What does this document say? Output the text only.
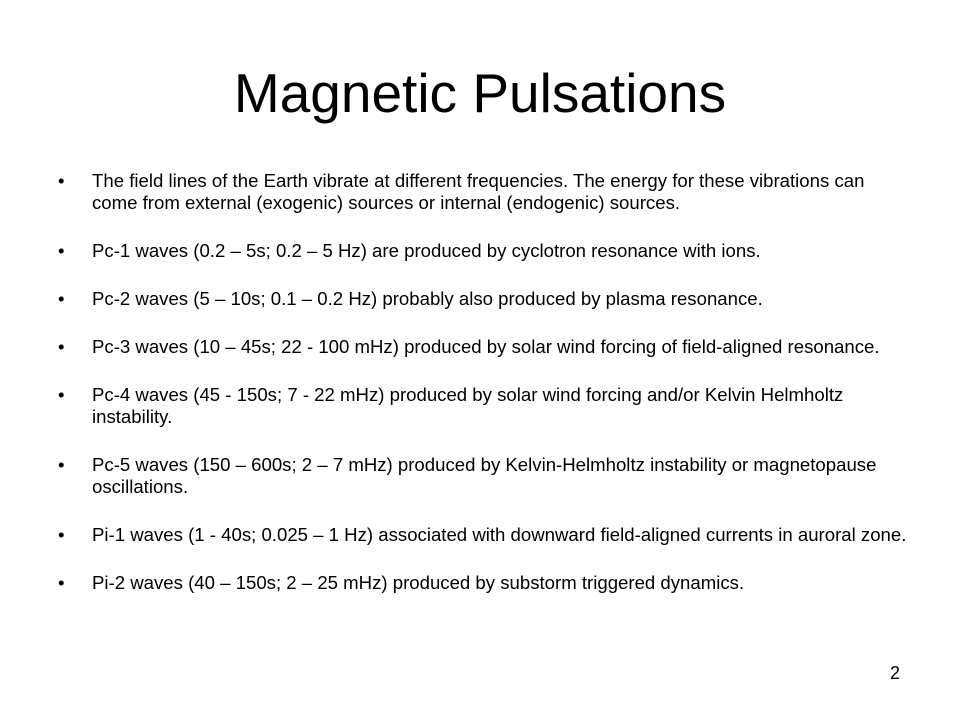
Magnetic Pulsations
•	The field lines of the Earth vibrate at different frequencies. The energy for these vibrations can come from external (exogenic) sources or internal (endogenic) sources.
•	Pc-1 waves (0.2 – 5s; 0.2 – 5 Hz) are produced by cyclotron resonance with ions.
•	Pc-2 waves (5 – 10s; 0.1 – 0.2 Hz) probably also produced by plasma resonance.
•	Pc-3 waves (10 – 45s; 22 - 100 mHz) produced by solar wind forcing of field-aligned resonance.
•	Pc-4 waves (45 - 150s; 7 - 22 mHz) produced by solar wind forcing and/or Kelvin Helmholtz instability.
•	Pc-5 waves (150 – 600s; 2 – 7 mHz) produced by Kelvin-Helmholtz instability or magnetopause oscillations.
•	Pi-1 waves (1 - 40s; 0.025 – 1 Hz) associated with downward field-aligned currents in auroral zone.
•	Pi-2 waves (40 – 150s; 2 – 25 mHz) produced by substorm triggered dynamics.
2
